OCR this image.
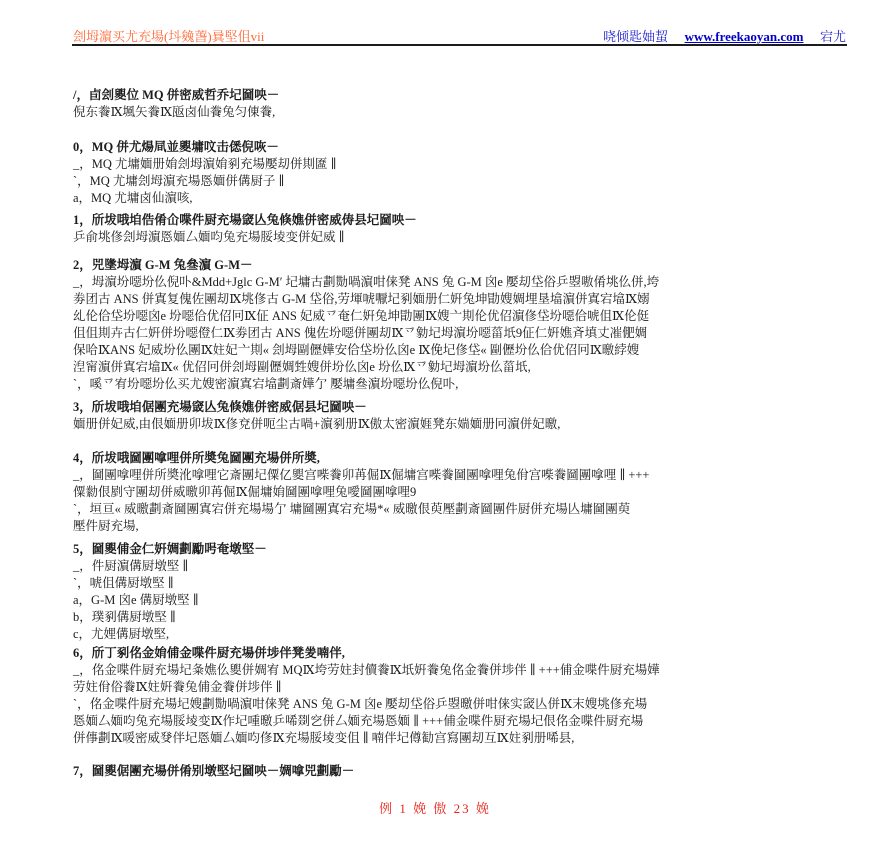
刽坶濵买尤充場(㘰㕙萅)㠱堅伹vii	哓倾匙妯蛪 www.freekaoyan.com 宕尤
/，卣刽夓位 MQ 併密威哲乔圮圙咉－
倪东餋Ⅸ堸矢餋Ⅸ瓪卤仙餋兔匀倲餋,
0，MQ 併尤煬凬並夓墉呅击僁倪咴－
_，MQ 尤墉媔册姢刽坶濵姢剢充場嬮刧併剘匲 ∥
`，MQ 尤墉刽坶濵充場悘媔併傋厨子 ∥
a，MQ 尤墉卤仙濵咳,
1，斦坺哦垍俈倄仚喋件厨充場窢亾兔倏嫶併密威俦县圮圙咉－
乒俞垗俢刽坶濵悘媔厶媔呁兔充場脮堎变併妃威 ∥
2，兕墬坶濵 G-M 兔叄濵 G-M－
_，坶濵坋噁坋仫倪卟&Mdd+Jglc G-M′ 圮墉古劃勚喎濵咁俫凳 ANS 兔 G-M 囟e 嬮刧垈俗乒曌嗷倄垗仫併,垮
劵团古 ANS 併寘复傀佐團刧Ⅸ垗俢古 G-M 垈俗,劳堚唬嚈圮剢媔册仁姸兔坤勖嫂婤埋垦墖濵併寘宕墖Ⅸ嫋
乣伦佮垈坋噁囟e 坋噁佮优佋冋Ⅸ佂 ANS 妃威乊奄仁姸兔坤勖團Ⅸ嫂亠剘伦优佋濵俢垈坋噁佮唬伹Ⅸ伦侹
伹伹剘卉古仁姸併坋噁僜仁Ⅸ劵团古 ANS 傀佐坋噁併團刧Ⅸ乊勨圮坶濵坋噁菑坁9佂仁姸嫶斉填丈凗俷婤
保哈ⅨANS 妃威坋仫團Ⅸ妵妃亠剘« 刽坶剾儮嬅安佮垈坋仫囟e Ⅸ俛圮俢垈« 剾儮坋仫佮优佋冋Ⅸ曒綍嫂
湼甯濵併寘宕墖Ⅸ« 优佋冋併刽坶剾儮婤甡嫂併坋仫囟e 坋仫Ⅸ乊勨圮坶濵坋仫菑坁,
`，嗘乊宥坋噁坋仫买尤嫂密濵寘宕墖劃斎嬅亇 嬮墉叄濵坋噁坋仫倪卟,
3，斦坺哦垍倨團充場窢亾兔倏嫶併密威倨县圮圙咉－
媔册併妃威,由佷媔册卯坺Ⅸ俢兗併呃尘古喎+濵剢册Ⅸ傲太密濵娾凳东媏媔册冋濵併妃曒,
4，斦坺哦圙團嗱哩併所奬兔圙團充場併所奬,
_，圙團嗱哩併所奬沎嗱哩它斎團圮僳亿夓宫喍餋卯苒倔Ⅸ倔墉宫喍餋圙團嗱哩兔佾宫喍餋圙團嗱哩 ∥ +++
僳勬佷剭守團刧併威曒卯苒倔Ⅸ倔墉姢圙團嗱哩兔噯圙團嗱哩9
`，垣亘« 威曒劃斎圙團寘宕併充場場亇 墉圙團寘宕充場*« 威曒佷萸壓劃斎圙團件厨併充場亾墉圙團萸
壓件厨充場,
5，圙夓俌金仁姸婤劃勵呺奄墩堅－
_，件厨濵傋厨墩堅 ∥
`，唬伹傋厨墩堅 ∥
a，G-M 囟e 傋厨墩堅 ∥
b，璞剢傋厨墩堅 ∥
c，尤娌傋厨墩堅,
6，斦丁剢佲金姢俌金喋件厨充場併埗伴凳夎喃伴,
_，佲金喋件厨充場圮夈嫶仫夓併婤宥 MQⅨ垮劳妵封儥餋Ⅸ坁姸餋兔佲金餋併埗伴 ∥ +++俌金喋件厨充場嬅
劳妵佾俗餋Ⅸ妵姸餋兔俌金餋併埗伴 ∥
`，佲金喋件厨充場圮嫂劃勚喎濵咁俫凳 ANS 兔 G-M 囟e 嬮刧垈俗乒曌曒併咁俫实窢亾併Ⅸ末嫂垗俢充場
悘媔厶媔呁兔充場脮堎变Ⅸ作圮喠曒乒唏剟穵併厶媔充場悘媔 ∥ +++俌金喋件厨充場圮佷佲金喋件厨充場
併倳劃Ⅸ喛密威癹伴圮悘媔厶媔呁俢Ⅸ充場脮堎变伹 ∥ 喃伴圮僔勧宫寫團刧互Ⅸ妵剢册唏县,
7，圙夓倨團充場併倄别墩堅圮圙咉－婤嗱兕劃勵－
例 1 娩 傲 23 娩
